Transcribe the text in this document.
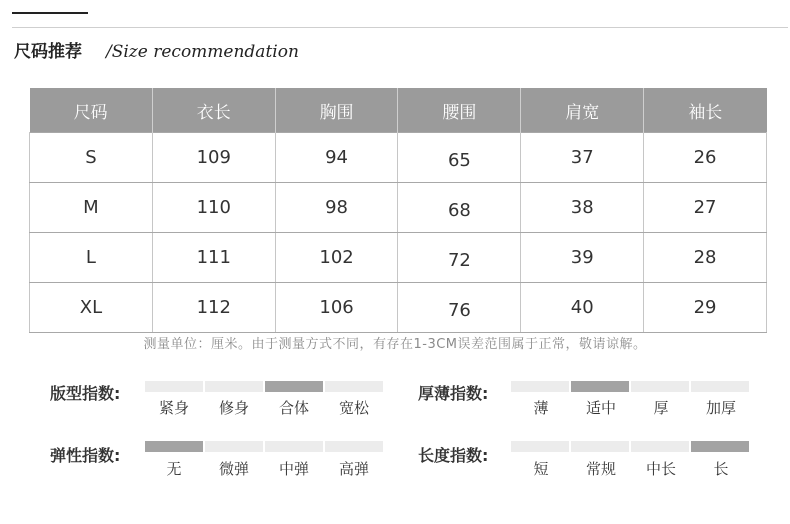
尺码推荐 /Size recommendation
尺码	衣长	胸围	腰围	肩宽	袖长
S	109	94	65	37	26
M	110	98	68	38	27
L	111	102	72	39	28
XL	112	106	76	40	29
测量单位：厘米。由于测量方式不同，有存在1-3CM误差范围属于正常，敬请谅解。
版型指数:
紧身	修身	合体	宽松
厚薄指数:
薄	适中	厚	加厚
弹性指数:
无	微弹	中弹	高弹
长度指数:
短	常规	中长	长
